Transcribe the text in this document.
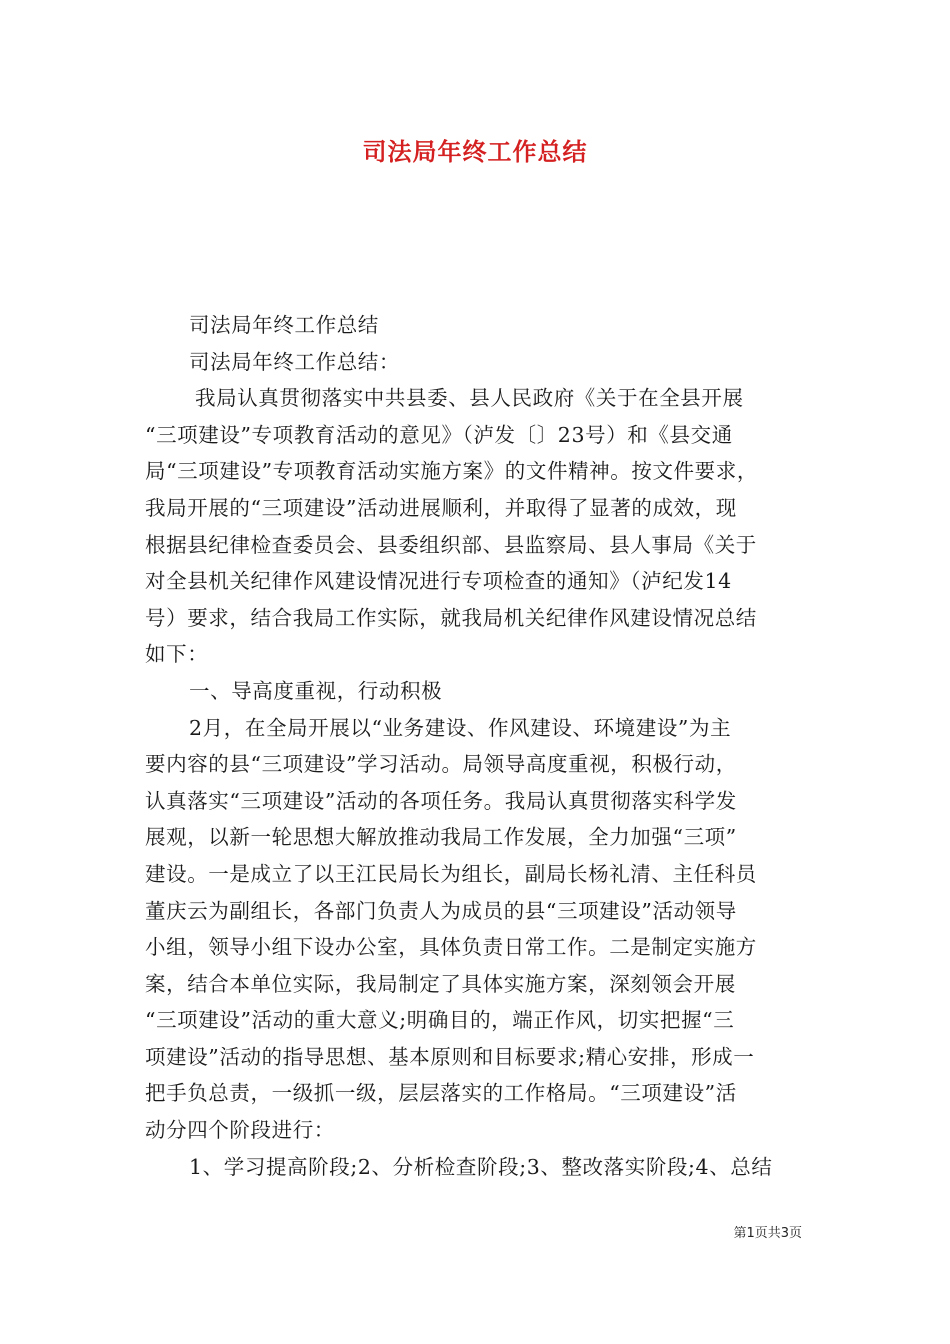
司法局年终工作总结
司法局年终工作总结
司法局年终工作总结：
我局认真贯彻落实中共县委、县人民政府《关于在全县开展
“三项建设”专项教育活动的意见》（泸发〔〕23号）和《县交通
局“三项建设”专项教育活动实施方案》的文件精神。按文件要求，
我局开展的“三项建设”活动进展顺利，并取得了显著的成效，现
根据县纪律检查委员会、县委组织部、县监察局、县人事局《关于
对全县机关纪律作风建设情况进行专项检查的通知》（泸纪发14
号）要求，结合我局工作实际，就我局机关纪律作风建设情况总结
如下：
一、导高度重视，行动积极
2月，在全局开展以“业务建设、作风建设、环境建设”为主
要内容的县“三项建设”学习活动。局领导高度重视，积极行动，
认真落实“三项建设”活动的各项任务。我局认真贯彻落实科学发
展观，以新一轮思想大解放推动我局工作发展，全力加强“三项”
建设。一是成立了以王江民局长为组长，副局长杨礼清、主任科员
董庆云为副组长，各部门负责人为成员的县“三项建设”活动领导
小组，领导小组下设办公室，具体负责日常工作。二是制定实施方
案，结合本单位实际，我局制定了具体实施方案，深刻领会开展
“三项建设”活动的重大意义;明确目的，端正作风，切实把握“三
项建设”活动的指导思想、基本原则和目标要求;精心安排，形成一
把手负总责，一级抓一级，层层落实的工作格局。“三项建设”活
动分四个阶段进行：
1、学习提高阶段;2、分析检查阶段;3、整改落实阶段;4、总结
第1页共3页
